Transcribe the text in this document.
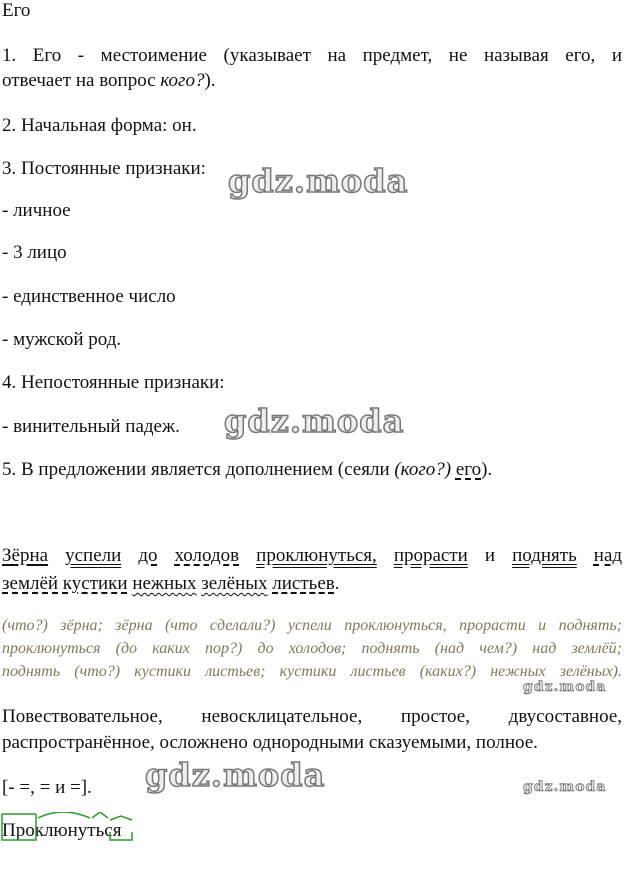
Его
1. Его - местоимение (указывает на предмет, не называя его, и
отвечает на вопрос кого?).
2. Начальная форма: он.
3. Постоянные признаки:
- личное
- 3 лицо
- единственное число
- мужской род.
4. Непостоянные признаки:
- винительный падеж.
5. В предложении является дополнением (сеяли (кого?) его).
Зёрна успели до холодов проклюнуться, прорасти и поднять над
землёй кустики нежных зелёных листьев.
(что?) зёрна; зёрна (что сделали?) успели проклюнуться, прорасти и поднять;
проклюнуться (до каких пор?) до холодов; поднять (над чем?) над землёй;
поднять (что?) кустики листьев; кустики листьев (каких?) нежных зелёных).
Повествовательное, невосклицательное, простое, двусоставное,
распространённое, осложнено однородными сказуемыми, полное.
[- =, = и =].
Проклюнуться
gdz.moda
gdz.moda
gdz.moda
gdz.moda	gdz.moda
